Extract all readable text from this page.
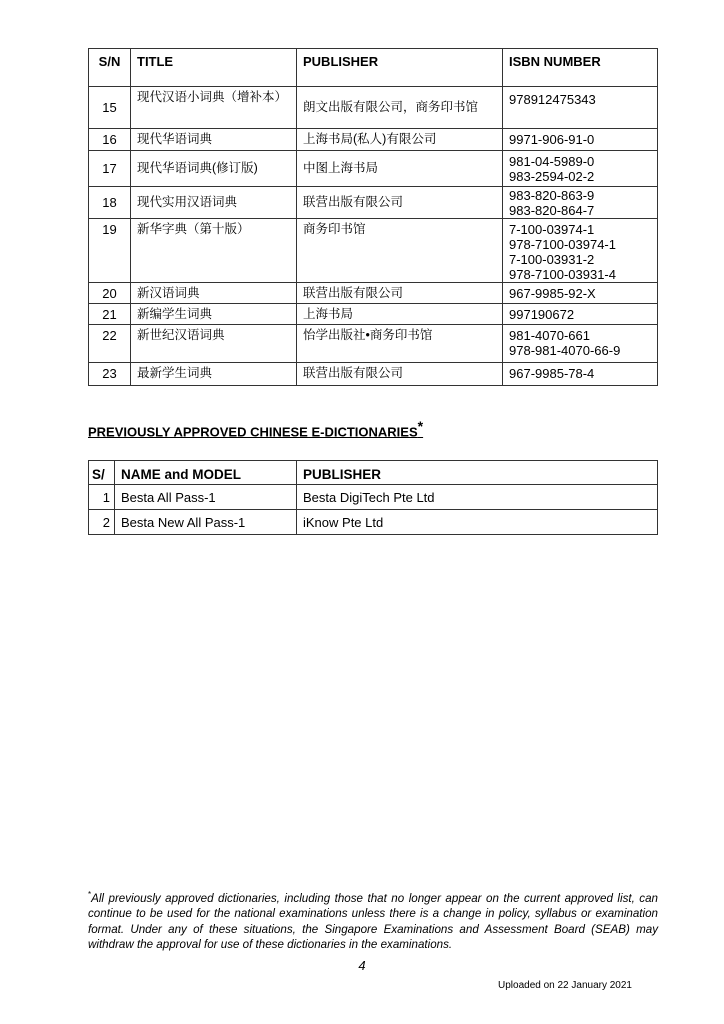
S/N	TITLE	PUBLISHER	ISBN NUMBER
15	现代汉语小词典（增补本）	朗文出版有限公司，商务印书馆	978912475343

16	现代华语词典	上海书局(私人)有限公司	9971-906-91-0

17	现代华语词典(修订版)	中图上海书局	981-04-5989-0
983-2594-02-2

18	现代实用汉语词典	联营出版有限公司	983-820-863-9
983-820-864-7

19	新华字典（第十版）	商务印书馆	7-100-03974-1
978-7100-03974-1
7-100-03931-2
978-7100-03931-4

20	新汉语词典	联营出版有限公司	967-9985-92-X

21	新编学生词典	上海书局	997190672

22	新世纪汉语词典	怡学出版社•商务印书馆	981-4070-661
978-981-4070-66-9

23	最新学生词典	联营出版有限公司	967-9985-78-4
PREVIOUSLY APPROVED CHINESE E-DICTIONARIES*
S/	NAME and MODEL	PUBLISHER
1	Besta All Pass-1	Besta DigiTech Pte Ltd
2	Besta New All Pass-1	iKnow Pte Ltd
*All previously approved dictionaries, including those that no longer appear on the current approved list, can continue to be used for the national examinations unless there is a change in policy, syllabus or examination format. Under any of these situations, the Singapore Examinations and Assessment Board (SEAB) may withdraw the approval for use of these dictionaries in the examinations.
4
Uploaded on 22 January 2021
